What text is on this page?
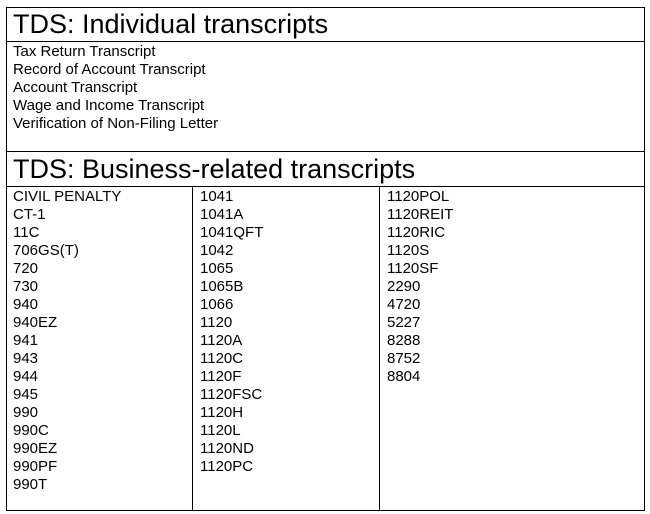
TDS: Individual transcripts
Tax Return Transcript
Record of Account Transcript
Account Transcript
Wage and Income Transcript
Verification of Non-Filing Letter
TDS: Business-related transcripts
CIVIL PENALTY
CT-1
11C
706GS(T)
720
730
940
940EZ
941
943
944
945
990
990C
990EZ
990PF
990T
1041
1041A
1041QFT
1042
1065
1065B
1066
1120
1120A
1120C
1120F
1120FSC
1120H
1120L
1120ND
1120PC
1120POL
1120REIT
1120RIC
1120S
1120SF
2290
4720
5227
8288
8752
8804
